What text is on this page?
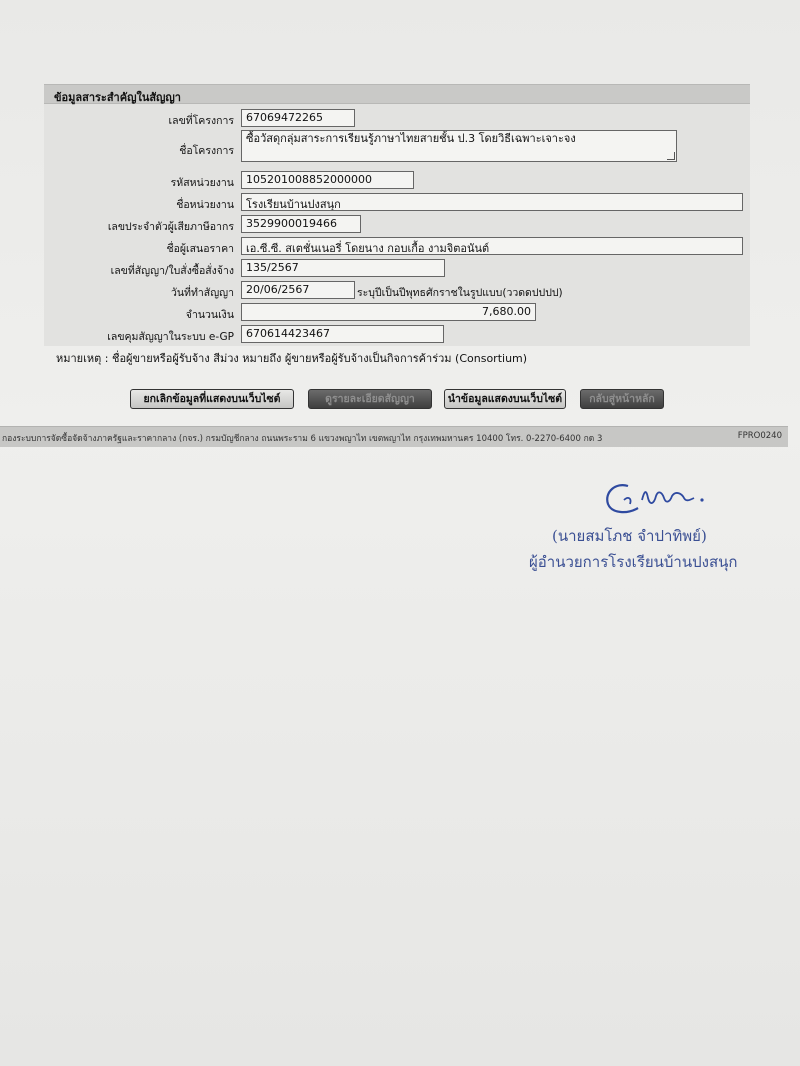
ข้อมูลสาระสำคัญในสัญญา
เลขที่โครงการ	67069472265
ชื่อโครงการ
ซื้อวัสดุกลุ่มสาระการเรียนรู้ภาษาไทยสายชั้น ป.3 โดยวิธีเฉพาะเจาะจง
รหัสหน่วยงาน	105201008852000000
ชื่อหน่วยงาน	โรงเรียนบ้านปงสนุก
เลขประจำตัวผู้เสียภาษีอากร	3529900019466
ชื่อผู้เสนอราคา	เอ.ซี.ซี. สเตชั่นเนอรี่ โดยนาง กอบเกื้อ งามจิตอนันต์
เลขที่สัญญา/ใบสั่งซื้อสั่งจ้าง	135/2567
วันที่ทำสัญญา	20/06/2567	ระบุปีเป็นปีพุทธศักราชในรูปแบบ(ววดดปปปป)
จำนวนเงิน	7,680.00
เลขคุมสัญญาในระบบ e-GP	670614423467
หมายเหตุ : ชื่อผู้ขายหรือผู้รับจ้าง สีม่วง หมายถึง ผู้ขายหรือผู้รับจ้างเป็นกิจการค้าร่วม (Consortium)
ยกเลิกข้อมูลที่แสดงบนเว็บไซต์	ดูรายละเอียดสัญญา	นำข้อมูลแสดงบนเว็บไซต์	กลับสู่หน้าหลัก
กองระบบการจัดซื้อจัดจ้างภาครัฐและราคากลาง (กจร.) กรมบัญชีกลาง ถนนพระราม 6 แขวงพญาไท เขตพญาไท กรุงเทพมหานคร 10400 โทร. 0-2270-6400 กด 3	FPRO0240
(นายสมโภช จำปาทิพย์)
ผู้อำนวยการโรงเรียนบ้านปงสนุก
